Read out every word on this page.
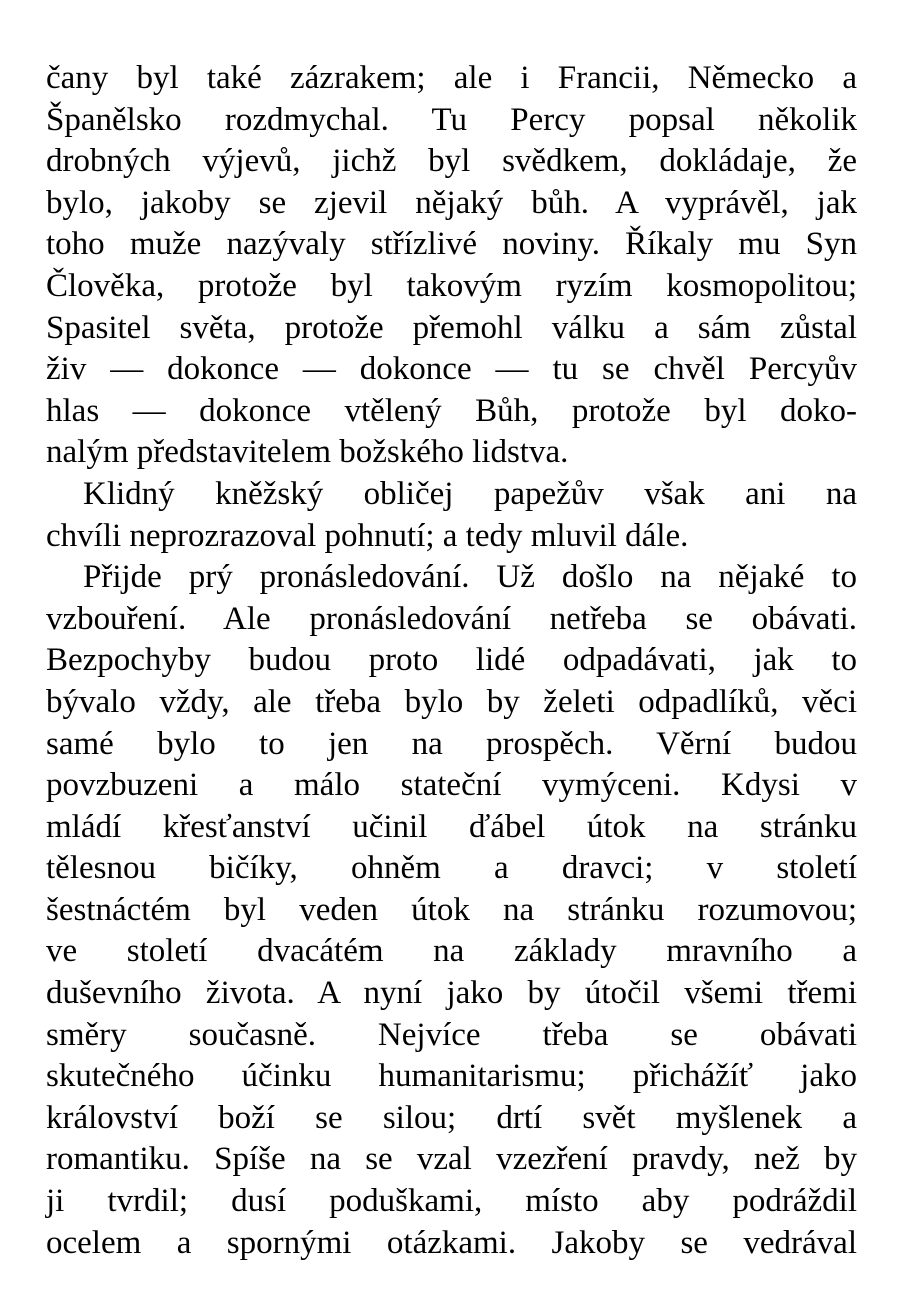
čany byl také zázrakem; ale i Francii, Německo a
Španělsko rozdmychal. Tu Percy popsal několik
drobných výjevů, jichž byl svědkem, dokládaje, že
bylo, jakoby se zjevil nějaký bůh. A vyprávěl, jak
toho muže nazývaly střízlivé noviny. Říkaly mu Syn
Člověka, protože byl takovým ryzím kosmopolitou;
Spasitel světa, protože přemohl válku a sám zůstal
živ — dokonce — dokonce — tu se chvěl Percyův
hlas — dokonce vtělený Bůh, protože byl doko-
nalým představitelem božského lidstva.
Klidný kněžský obličej papežův však ani na
chvíli neprozrazoval pohnutí; a tedy mluvil dále.
Přijde prý pronásledování. Už došlo na nějaké to
vzbouření. Ale pronásledování netřeba se obávati.
Bezpochyby budou proto lidé odpadávati, jak to
bývalo vždy, ale třeba bylo by želeti odpadlíků, věci
samé bylo to jen na prospěch. Věrní budou
povzbuzeni a málo stateční vymýceni. Kdysi v
mládí křesťanství učinil ďábel útok na stránku
tělesnou bičíky, ohněm a dravci; v století
šestnáctém byl veden útok na stránku rozumovou;
ve století dvacátém na základy mravního a
duševního života. A nyní jako by útočil všemi třemi
směry současně. Nejvíce třeba se obávati
skutečného účinku humanitarismu; přichážíť jako
království boží se silou; drtí svět myšlenek a
romantiku. Spíše na se vzal vzezření pravdy, než by
ji tvrdil; dusí poduškami, místo aby podráždil
ocelem a spornými otázkami. Jakoby se vedrával
